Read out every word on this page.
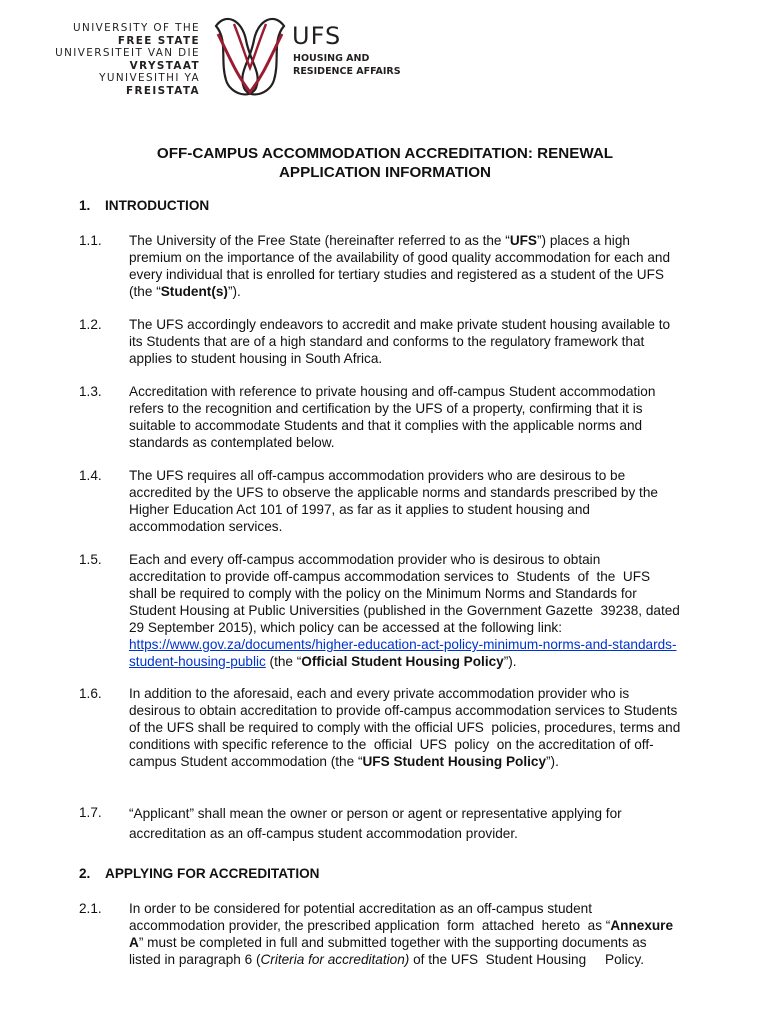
UNIVERSITY OF THE
FREE STATE
UNIVERSITEIT VAN DIE
VRYSTAAT
YUNIVESITHI YA
FREISTATA
UFS
HOUSING AND
RESIDENCE AFFAIRS
OFF-CAMPUS ACCOMMODATION ACCREDITATION: RENEWAL
APPLICATION INFORMATION
1. INTRODUCTION
1.1. The University of the Free State (hereinafter referred to as the “UFS”) places a high premium on the importance of the availability of good quality accommodation for each and every individual that is enrolled for tertiary studies and registered as a student of the UFS (the “Student(s)”).
1.2. The UFS accordingly endeavors to accredit and make private student housing available to its Students that are of a high standard and conforms to the regulatory framework that applies to student housing in South Africa.
1.3. Accreditation with reference to private housing and off-campus Student accommodation refers to the recognition and certification by the UFS of a property, confirming that it is suitable to accommodate Students and that it complies with the applicable norms and standards as contemplated below.
1.4. The UFS requires all off-campus accommodation providers who are desirous to be accredited by the UFS to observe the applicable norms and standards prescribed by the Higher Education Act 101 of 1997, as far as it applies to student housing and accommodation services.
1.5. Each and every off-campus accommodation provider who is desirous to obtain accreditation to provide off-campus accommodation services to  Students  of  the  UFS shall be required to comply with the policy on the Minimum Norms and Standards for Student Housing at Public Universities (published in the Government Gazette  39238, dated 29 September 2015), which policy can be accessed at the following link: https://www.gov.za/documents/higher-education-act-policy-minimum-norms-and-standards-student-housing-public (the “Official Student Housing Policy”).
1.6. In addition to the aforesaid, each and every private accommodation provider who is desirous to obtain accreditation to provide off-campus accommodation services to Students of the UFS shall be required to comply with the official UFS  policies, procedures, terms and conditions with specific reference to the  official  UFS  policy  on the accreditation of off-campus Student accommodation (the “UFS Student Housing Policy”).
1.7. “Applicant” shall mean the owner or person or agent or representative applying for accreditation as an off-campus student accommodation provider.
2. APPLYING FOR ACCREDITATION
2.1. In order to be considered for potential accreditation as an off-campus student accommodation provider, the prescribed application  form  attached  hereto  as “Annexure A” must be completed in full and submitted together with the supporting documents as listed in paragraph 6 (Criteria for accreditation) of the UFS  Student Housing     Policy.
